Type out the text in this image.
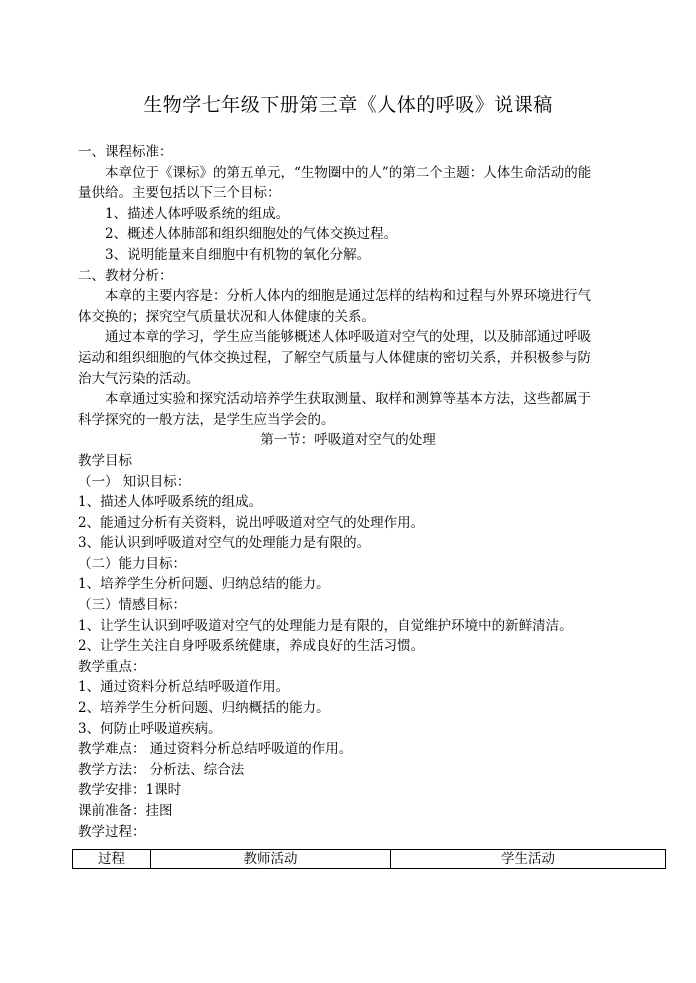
生物学七年级下册第三章《人体的呼吸》说课稿
一、课程标准：
本章位于《课标》的第五单元，“生物圈中的人”的第二个主题：人体生命活动的能
量供给。主要包括以下三个目标：
1、描述人体呼吸系统的组成。
2、概述人体肺部和组织细胞处的气体交换过程。
3、说明能量来自细胞中有机物的氧化分解。
二、教材分析：
本章的主要内容是：分析人体内的细胞是通过怎样的结构和过程与外界环境进行气
体交换的；探究空气质量状况和人体健康的关系。
通过本章的学习，学生应当能够概述人体呼吸道对空气的处理，以及肺部通过呼吸
运动和组织细胞的气体交换过程，了解空气质量与人体健康的密切关系，并积极参与防
治大气污染的活动。
本章通过实验和探究活动培养学生获取测量、取样和测算等基本方法，这些都属于
科学探究的一般方法，是学生应当学会的。
第一节：呼吸道对空气的处理
教学目标
（一） 知识目标：
1、描述人体呼吸系统的组成。
2、能通过分析有关资料，说出呼吸道对空气的处理作用。
3、能认识到呼吸道对空气的处理能力是有限的。
（二）能力目标：
1、培养学生分析问题、归纳总结的能力。
（三）情感目标：
1、让学生认识到呼吸道对空气的处理能力是有限的，自觉维护环境中的新鲜清洁。
2、让学生关注自身呼吸系统健康，养成良好的生活习惯。
教学重点：
1、通过资料分析总结呼吸道作用。
2、培养学生分析问题、归纳概括的能力。
3、何防止呼吸道疾病。
教学难点： 通过资料分析总结呼吸道的作用。
教学方法： 分析法、综合法
教学安排：1课时
课前准备：挂图
教学过程：
过程	教师活动	学生活动
